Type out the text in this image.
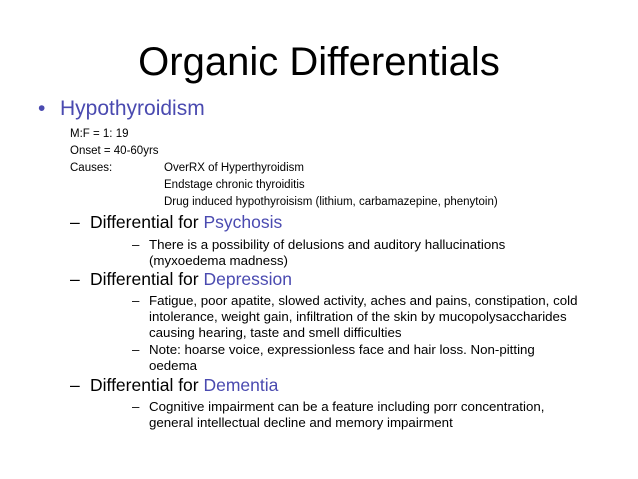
Organic Differentials
• Hypothyroidism
M:F = 1: 19
Onset = 40-60yrs
Causes:	OverRX of Hyperthyroidism
Endstage chronic thyroiditis
Drug induced hypothyroisism (lithium, carbamazepine, phenytoin)
– Differential for Psychosis
– There is a possibility of delusions and auditory hallucinations (myxoedema madness)
– Differential for Depression
– Fatigue, poor apatite, slowed activity, aches and pains, constipation, cold intolerance, weight gain, infiltration of the skin by mucopolysaccharides causing hearing, taste and smell difficulties
– Note: hoarse voice, expressionless face and hair loss. Non-pitting oedema
– Differential for Dementia
– Cognitive impairment can be a feature including porr concentration, general intellectual decline and memory impairment
